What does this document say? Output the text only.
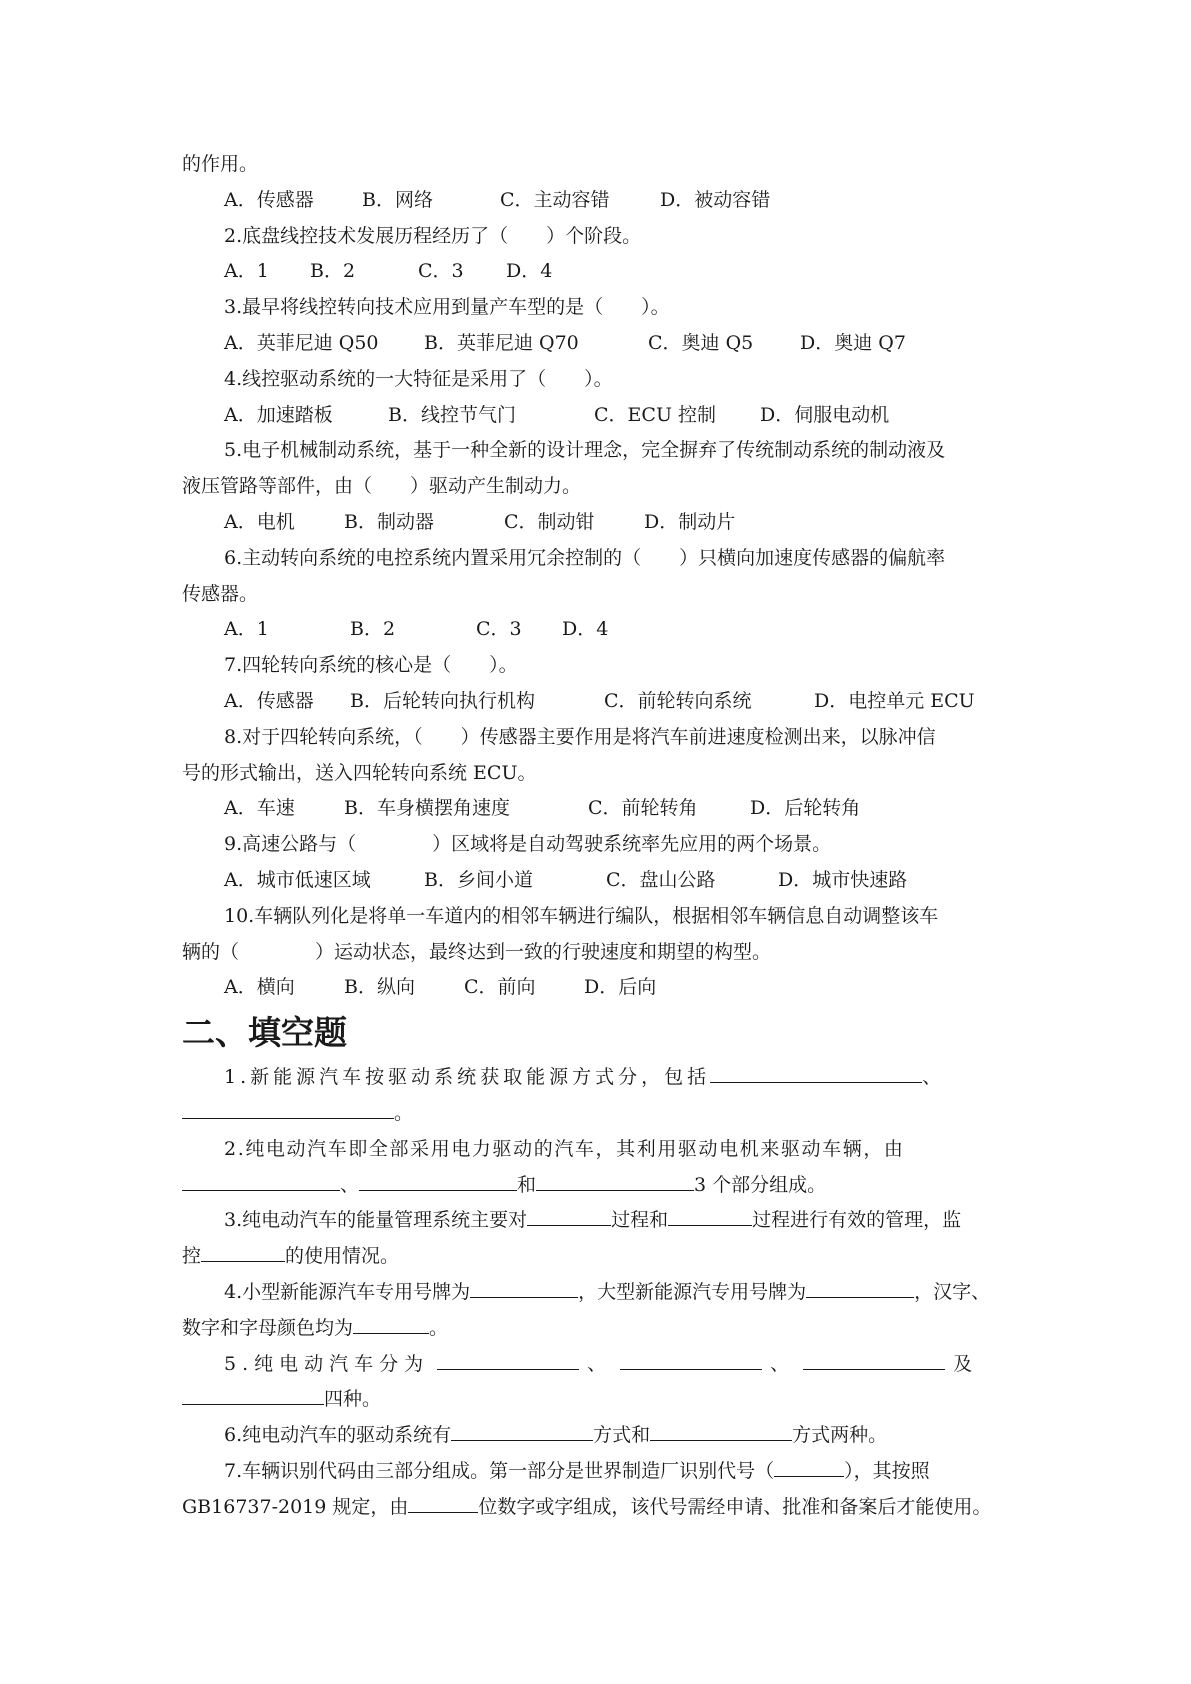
的作用。
A．传感器	B．网络	C．主动容错	D．被动容错
2.底盘线控技术发展历程经历了（　　）个阶段。
A．1 B．2	C．3 D．4
3.最早将线控转向技术应用到量产车型的是（　　）。
A．英菲尼迪 Q50 B．英菲尼迪 Q70	C．奥迪 Q5 D．奥迪 Q7
4.线控驱动系统的一大特征是采用了（　　）。
A．加速踏板	B．线控节气门	C．ECU 控制 D．伺服电动机
5.电子机械制动系统，基于一种全新的设计理念，完全摒弃了传统制动系统的制动液及
液压管路等部件，由（　　）驱动产生制动力。
A．电机	B．制动器	C．制动钳	D．制动片
6.主动转向系统的电控系统内置采用冗余控制的（　　）只横向加速度传感器的偏航率
传感器。
A．1	B．2	C．3 D．4
7.四轮转向系统的核心是（　　）。
A．传感器 B．后轮转向执行机构	C．前轮转向系统	D．电控单元 ECU
8.对于四轮转向系统，（　　）传感器主要作用是将汽车前进速度检测出来，以脉冲信
号的形式输出，送入四轮转向系统 ECU。
A．车速	B．车身横摆角速度	C．前轮转角	D．后轮转角
9.高速公路与（　　　　）区域将是自动驾驶系统率先应用的两个场景。
A．城市低速区域	B．乡间小道	C．盘山公路	D．城市快速路
10.车辆队列化是将单一车道内的相邻车辆进行编队，根据相邻车辆信息自动调整该车
辆的（　　　　）运动状态，最终达到一致的行驶速度和期望的构型。
A．横向	B．纵向	C．前向	D．后向
二、填空题
1.新能源汽车按驱动系统获取能源方式分，包括	、
。
2.纯电动汽车即全部采用电力驱动的汽车，其利用驱动电机来驱动车辆，由
、	和	3 个部分组成。
3.纯电动汽车的能量管理系统主要对	过程和	过程进行有效的管理，监
控	的使用情况。
4.小型新能源汽车专用号牌为	，大型新能源汽专用号牌为	，汉字、
数字和字母颜色均为	。
5.纯电动汽车分为	、	、	及
四种。
6.纯电动汽车的驱动系统有	方式和	方式两种。
7.车辆识别代码由三部分组成。第一部分是世界制造厂识别代号（	），其按照
GB16737-2019 规定，由	位数字或字组成，该代号需经申请、批准和备案后才能使用。
